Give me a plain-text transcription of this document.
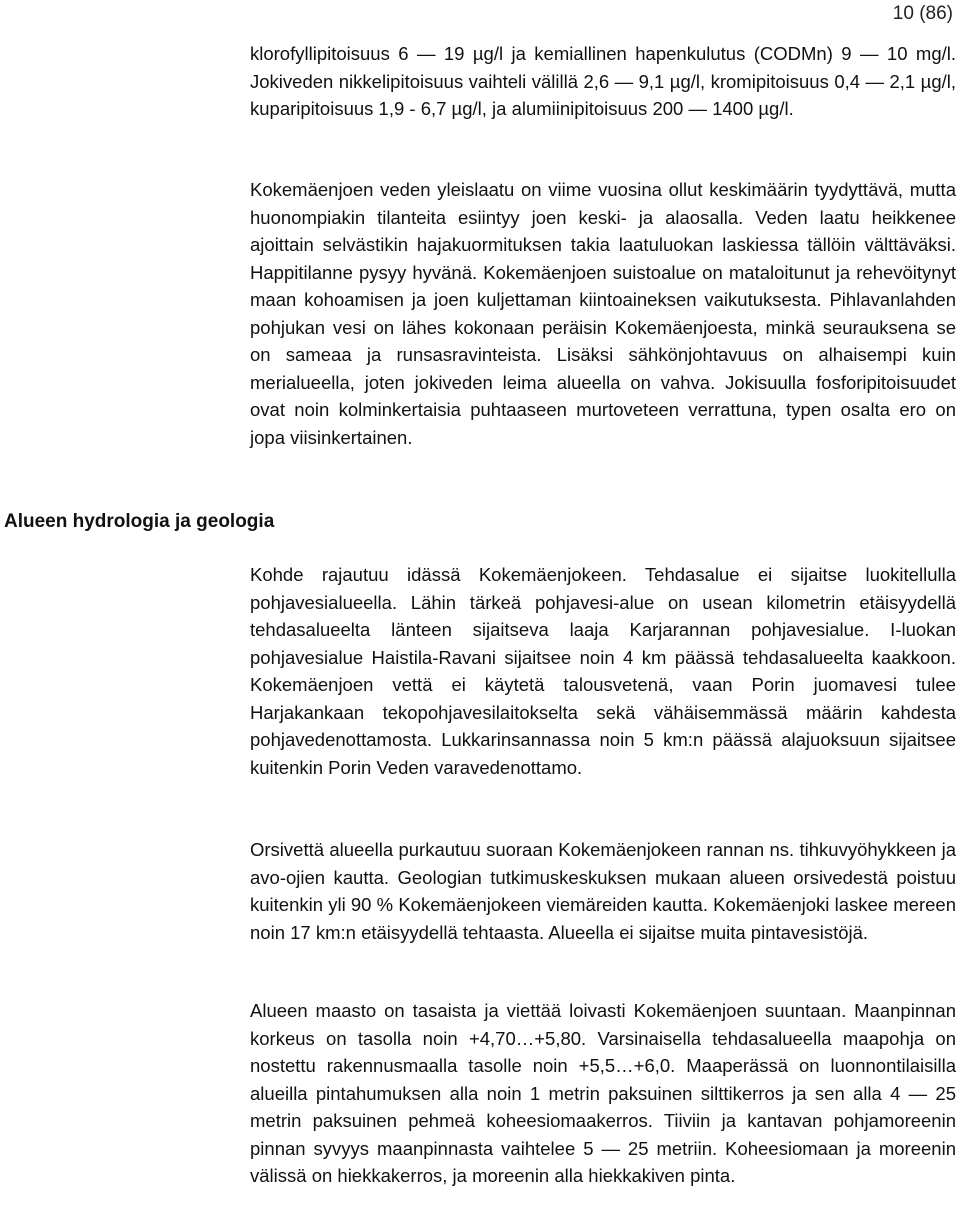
10 (86)
Alueen hydrologia ja geologia

klorofyllipitoisuus 6 — 19 µg/l ja kemiallinen hapenkulutus (CODMn) 9 — 10 mg/l. Jokiveden nikkelipitoisuus vaihteli välillä 2,6 — 9,1 µg/l, kromipitoisuus 0,4 — 2,1 µg/l, kuparipitoisuus 1,9 - 6,7 µg/l, ja alumiinipitoisuus 200 — 1400 µg/l.

Kokemäenjoen veden yleislaatu on viime vuosina ollut keskimäärin tyydyttävä, mutta huonompiakin tilanteita esiintyy joen keski- ja alaosalla. Veden laatu heikkenee ajoittain selvästikin hajakuormituksen takia laatuluokan laskiessa tällöin välttäväksi. Happitilanne pysyy hyvänä. Kokemäenjoen suistoalue on mataloitunut ja rehevöitynyt maan kohoamisen ja joen kuljettaman kiintoaineksen vaikutuksesta. Pihlavanlahden pohjukan vesi on lähes kokonaan peräisin Kokemäenjoesta, minkä seurauksena se on sameaa ja runsasravinteista. Lisäksi sähkönjohtavuus on alhaisempi kuin merialueella, joten jokiveden leima alueella on vahva. Jokisuulla fosforipitoisuudet ovat noin kolminkertaisia puhtaaseen murtoveteen verrattuna, typen osalta ero on jopa viisinkertainen.

Kohde rajautuu idässä Kokemäenjokeen. Tehdasalue ei sijaitse luokitellulla pohjavesialueella. Lähin tärkeä pohjavesi-alue on usean kilometrin etäisyydellä tehdasalueelta länteen sijaitseva laaja Karjarannan pohjavesialue. I-luokan pohjavesialue Haistila-Ravani sijaitsee noin 4 km päässä tehdasalueelta kaakkoon. Kokemäenjoen vettä ei käytetä talousvetenä, vaan Porin juomavesi tulee Harjakankaan tekopohjavesilaitokselta sekä vähäisemmässä määrin kahdesta pohjavedenottamosta. Lukkarinsannassa noin 5 km:n päässä alajuoksuun sijaitsee kuitenkin Porin Veden varavedenottamo.

Orsivettä alueella purkautuu suoraan Kokemäenjokeen rannan ns. tihkuvyöhykkeen ja avo-ojien kautta. Geologian tutkimuskeskuksen mukaan alueen orsivedestä poistuu kuitenkin yli 90 % Kokemäenjokeen viemäreiden kautta. Kokemäenjoki laskee mereen noin 17 km:n etäisyydellä tehtaasta. Alueella ei sijaitse muita pintavesistöjä.

Alueen maasto on tasaista ja viettää loivasti Kokemäenjoen suuntaan. Maanpinnan korkeus on tasolla noin +4,70…+5,80. Varsinaisella tehdasalueella maapohja on nostettu rakennusmaalla tasolle noin +5,5…+6,0. Maaperässä on luonnontilaisilla alueilla pintahumuksen alla noin 1 metrin paksuinen silttikerros ja sen alla 4 — 25 metrin paksuinen pehmeä koheesiomaakerros. Tiiviin ja kantavan pohjamoreenin pinnan syvyys maanpinnasta vaihtelee 5 — 25 metriin. Koheesiomaan ja moreenin välissä on hiekkakerros, ja moreenin alla hiekkakiven pinta.
